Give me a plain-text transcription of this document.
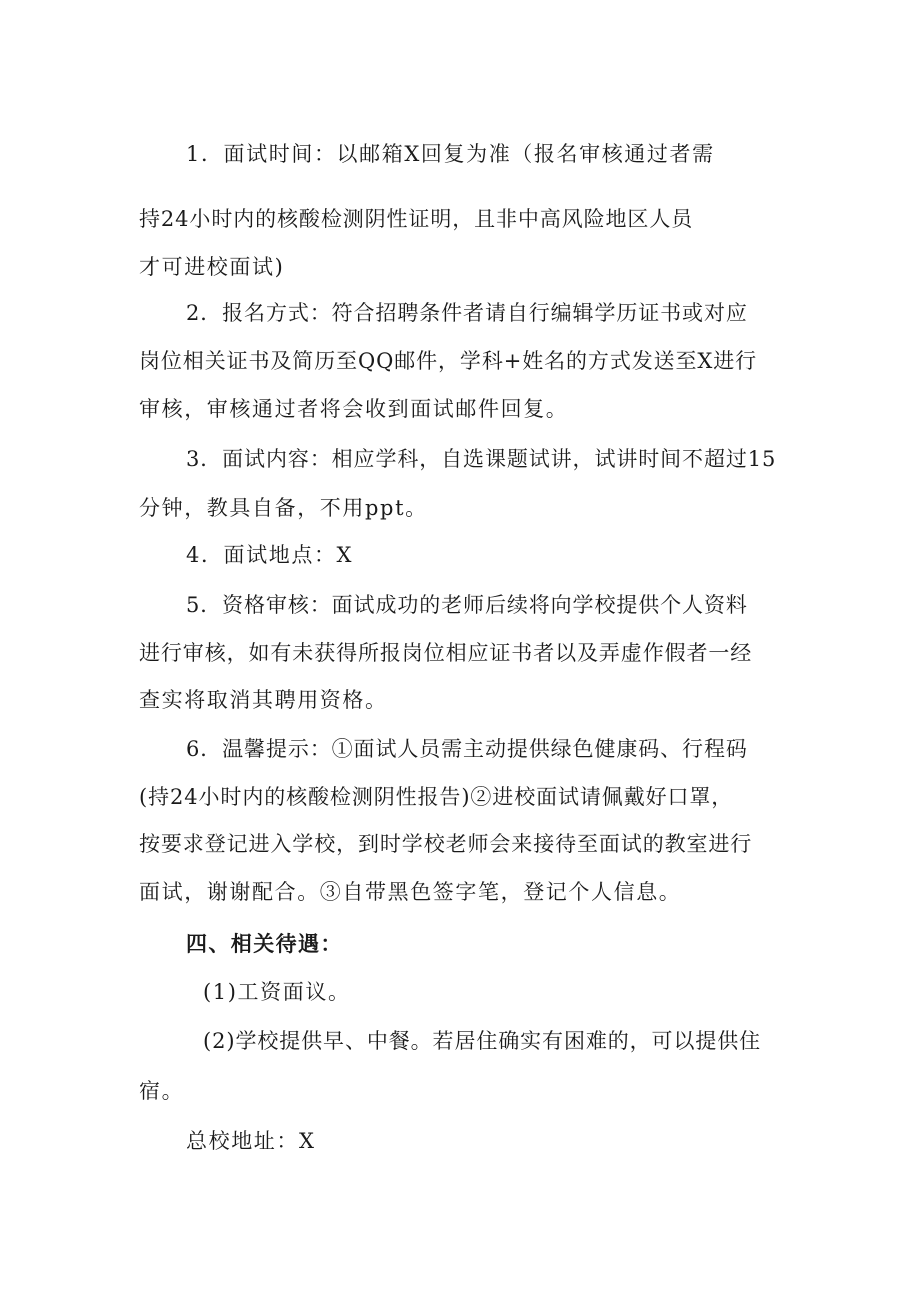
1．面试时间：以邮箱X回复为准（报名审核通过者需
持24小时内的核酸检测阴性证明，且非中高风险地区人员
才可进校面试)
2．报名方式：符合招聘条件者请自行编辑学历证书或对应
岗位相关证书及简历至QQ邮件，学科+姓名的方式发送至X进行
审核，审核通过者将会收到面试邮件回复。
3．面试内容：相应学科，自选课题试讲，试讲时间不超过15
分钟，教具自备，不用ppt。
4．面试地点：X
5．资格审核：面试成功的老师后续将向学校提供个人资料
进行审核，如有未获得所报岗位相应证书者以及弄虚作假者一经
查实将取消其聘用资格。
6．温馨提示：①面试人员需主动提供绿色健康码、行程码
(持24小时内的核酸检测阴性报告)②进校面试请佩戴好口罩，
按要求登记进入学校，到时学校老师会来接待至面试的教室进行
面试，谢谢配合。③自带黑色签字笔，登记个人信息。
四、相关待遇：
(1)工资面议。
(2)学校提供早、中餐。若居住确实有困难的，可以提供住
宿。
总校地址：X
